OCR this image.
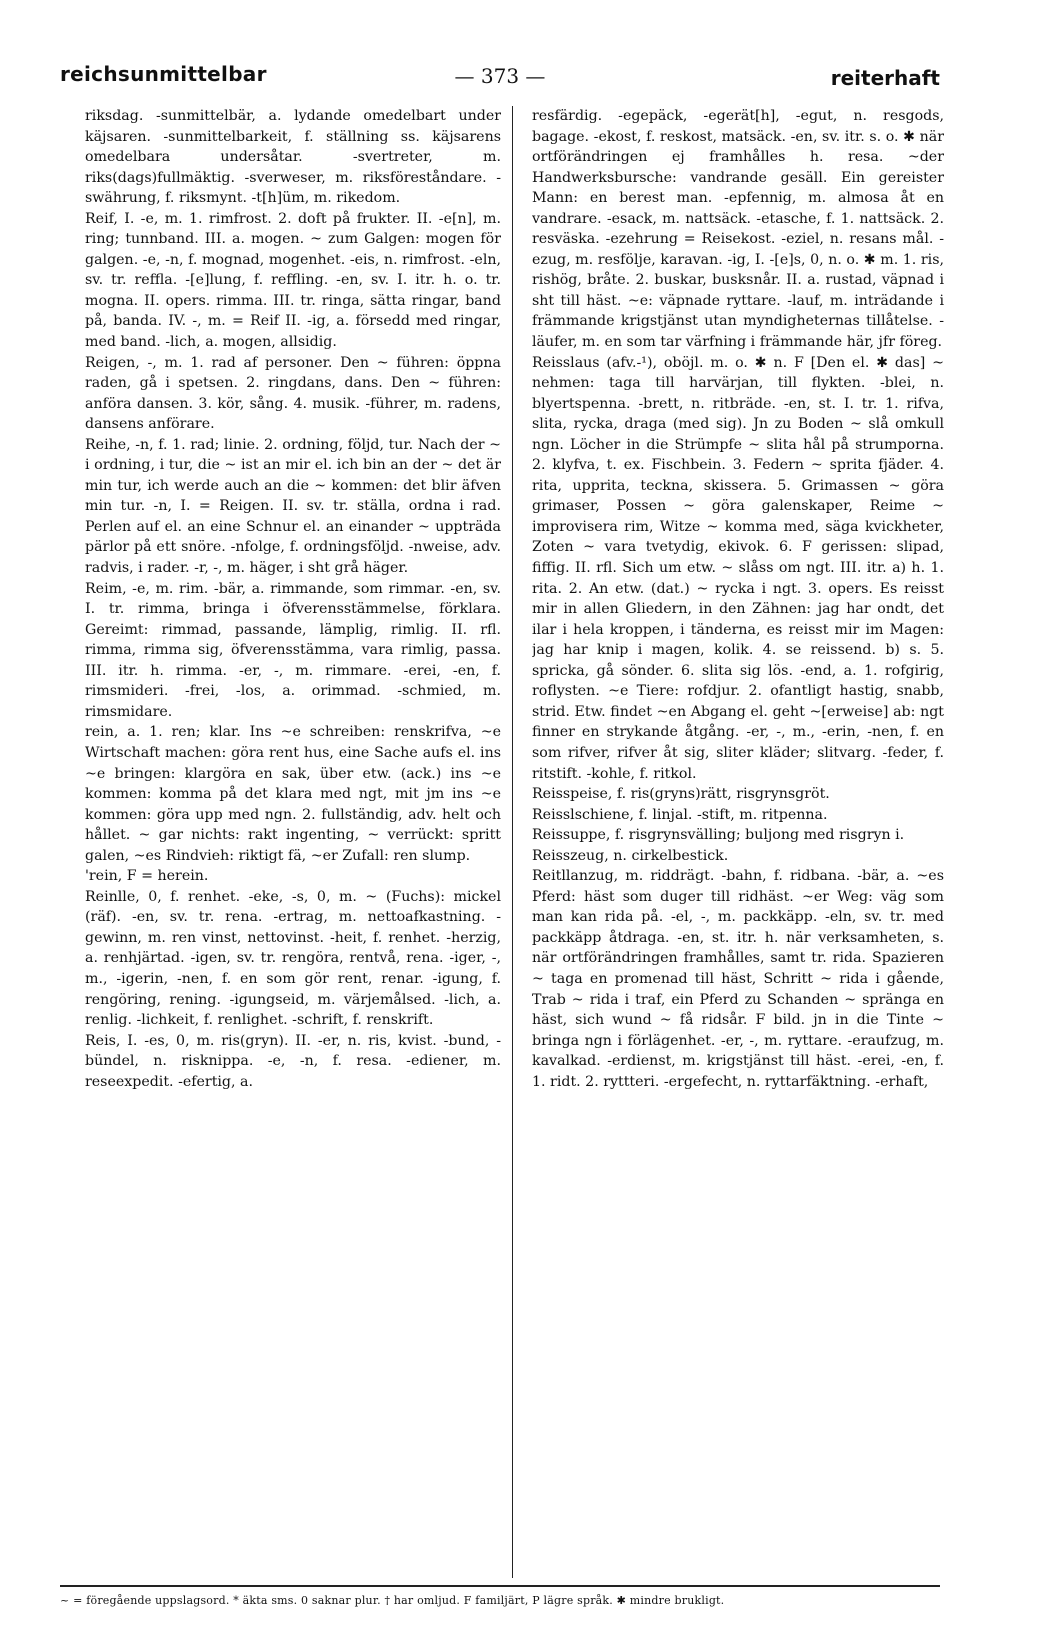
reichsunmittelbar	— 373 —	reiterhaft

riksdag. -sunmittelbär, a. lydande omedelbart under käjsaren. -sunmittelbarkeit, f. ställning ss. käjsarens omedelbara undersåtar. -svertreter, m. riks(dags)fullmäktig. -sverweser, m. riksföreståndare. -swährung, f. riksmynt. -t[h]üm, m. rikedom.

Reif, I. -e, m. 1. rimfrost. 2. doft på frukter. II. -e[n], m. ring; tunnband. III. a. mogen. ~ zum Galgen: mogen för galgen. -e, -n, f. mognad, mogenhet. -eis, n. rimfrost. -eln, sv. tr. reffla. -[e]lung, f. reffling. -en, sv. I. itr. h. o. tr. mogna. II. opers. rimma. III. tr. ringa, sätta ringar, band på, banda. IV. -, m. = Reif II. -ig, a. försedd med ringar, med band. -lich, a. mogen, allsidig.

Reigen, -, m. 1. rad af personer. Den ~ führen: öppna raden, gå i spetsen. 2. ringdans, dans. Den ~ führen: anföra dansen. 3. kör, sång. 4. musik. -führer, m. radens, dansens anförare.

Reihe, -n, f. 1. rad; linie. 2. ordning, följd, tur. Nach der ~ i ordning, i tur, die ~ ist an mir el. ich bin an der ~ det är min tur, ich werde auch an die ~ kommen: det blir äfven min tur. -n, I. = Reigen. II. sv. tr. ställa, ordna i rad. Perlen auf el. an eine Schnur el. an einander ~ uppträda pärlor på ett snöre. -nfolge, f. ordningsföljd. -nweise, adv. radvis, i rader. -r, -, m. häger, i sht grå häger.

Reim, -e, m. rim. -bär, a. rimmande, som rimmar. -en, sv. I. tr. rimma, bringa i öfverensstämmelse, förklara. Gereimt: rimmad, passande, lämplig, rimlig. II. rfl. rimma, rimma sig, öfverensstämma, vara rimlig, passa. III. itr. h. rimma. -er, -, m. rimmare. -erei, -en, f. rimsmideri. -frei, -los, a. orimmad. -schmied, m. rimsmidare.

rein, a. 1. ren; klar. Ins ~e schreiben: renskrifva, ~e Wirtschaft machen: göra rent hus, eine Sache aufs el. ins ~e bringen: klargöra en sak, über etw. (ack.) ins ~e kommen: komma på det klara med ngt, mit jm ins ~e kommen: göra upp med ngn. 2. fullständig, adv. helt och hållet. ~ gar nichts: rakt ingenting, ~ verrückt: spritt galen, ~es Rindvieh: riktigt fä, ~er Zufall: ren slump.

'rein, F = herein.

Reinlle, 0, f. renhet. -eke, -s, 0, m. ~ (Fuchs): mickel (räf). -en, sv. tr. rena. -ertrag, m. nettoafkastning. -gewinn, m. ren vinst, nettovinst. -heit, f. renhet. -herzig, a. renhjärtad. -igen, sv. tr. rengöra, rentvå, rena. -iger, -, m., -igerin, -nen, f. en som gör rent, renar. -igung, f. rengöring, rening. -igungseid, m. värjemålsed. -lich, a. renlig. -lichkeit, f. renlighet. -schrift, f. renskrift.

Reis, I. -es, 0, m. ris(gryn). II. -er, n. ris, kvist. -bund, -bündel, n. risknippa. -e, -n, f. resa. -ediener, m. reseexpedit. -efertig, a.

resfärdig. -egepäck, -egerät[h], -egut, n. resgods, bagage. -ekost, f. reskost, matsäck. -en, sv. itr. s. o. ✱ när ortförändringen ej framhålles h. resa. ~der Handwerksbursche: vandrande gesäll. Ein gereister Mann: en berest man. -epfennig, m. almosa åt en vandrare. -esack, m. nattsäck. -etasche, f. 1. nattsäck. 2. resväska. -ezehrung = Reisekost. -eziel, n. resans mål. -ezug, m. resfölje, karavan. -ig, I. -[e]s, 0, n. o. ✱ m. 1. ris, rishög, bråte. 2. buskar, busksnår. II. a. rustad, väpnad i sht till häst. ~e: väpnade ryttare. -lauf, m. inträdande i främmande krigstjänst utan myndigheternas tillåtelse. -läufer, m. en som tar värfning i främmande här, jfr föreg.

Reisslaus (afv.-¹), oböjl. m. o. ✱ n. F [Den el. ✱ das] ~ nehmen: taga till harvärjan, till flykten. -blei, n. blyertspenna. -brett, n. ritbräde. -en, st. I. tr. 1. rifva, slita, rycka, draga (med sig). Jn zu Boden ~ slå omkull ngn. Löcher in die Strümpfe ~ slita hål på strumporna. 2. klyfva, t. ex. Fischbein. 3. Federn ~ sprita fjäder. 4. rita, upprita, teckna, skissera. 5. Grimassen ~ göra grimaser, Possen ~ göra galenskaper, Reime ~ improvisera rim, Witze ~ komma med, säga kvickheter, Zoten ~ vara tvetydig, ekivok. 6. F gerissen: slipad, fiffig. II. rfl. Sich um etw. ~ slåss om ngt. III. itr. a) h. 1. rita. 2. An etw. (dat.) ~ rycka i ngt. 3. opers. Es reisst mir in allen Gliedern, in den Zähnen: jag har ondt, det ilar i hela kroppen, i tänderna, es reisst mir im Magen: jag har knip i magen, kolik. 4. se reissend. b) s. 5. spricka, gå sönder. 6. slita sig lös. -end, a. 1. rofgirig, roflysten. ~e Tiere: rofdjur. 2. ofantligt hastig, snabb, strid. Etw. findet ~en Abgang el. geht ~[erweise] ab: ngt finner en strykande åtgång. -er, -, m., -erin, -nen, f. en som rifver, rifver åt sig, sliter kläder; slitvarg. -feder, f. ritstift. -kohle, f. ritkol.

Reisspeise, f. ris(gryns)rätt, risgrynsgröt.

Reisslschiene, f. linjal. -stift, m. ritpenna.

Reissuppe, f. risgrynsvälling; buljong med risgryn i.

Reisszeug, n. cirkelbestick.

Reitllanzug, m. riddrägt. -bahn, f. ridbana. -bär, a. ~es Pferd: häst som duger till ridhäst. ~er Weg: väg som man kan rida på. -el, -, m. packkäpp. -eln, sv. tr. med packkäpp åtdraga. -en, st. itr. h. när verksamheten, s. när ortförändringen framhålles, samt tr. rida. Spazieren ~ taga en promenad till häst, Schritt ~ rida i gående, Trab ~ rida i traf, ein Pferd zu Schanden ~ spränga en häst, sich wund ~ få ridsår. F bild. jn in die Tinte ~ bringa ngn i förlägenhet. -er, -, m. ryttare. -eraufzug, m. kavalkad. -erdienst, m. krigstjänst till häst. -erei, -en, f. 1. ridt. 2. ryttteri. -ergefecht, n. ryttarfäktning. -erhaft,

~ = föregående uppslagsord. * äkta sms. 0 saknar plur. † har omljud. F familjärt, P lägre språk. ✱ mindre brukligt.
